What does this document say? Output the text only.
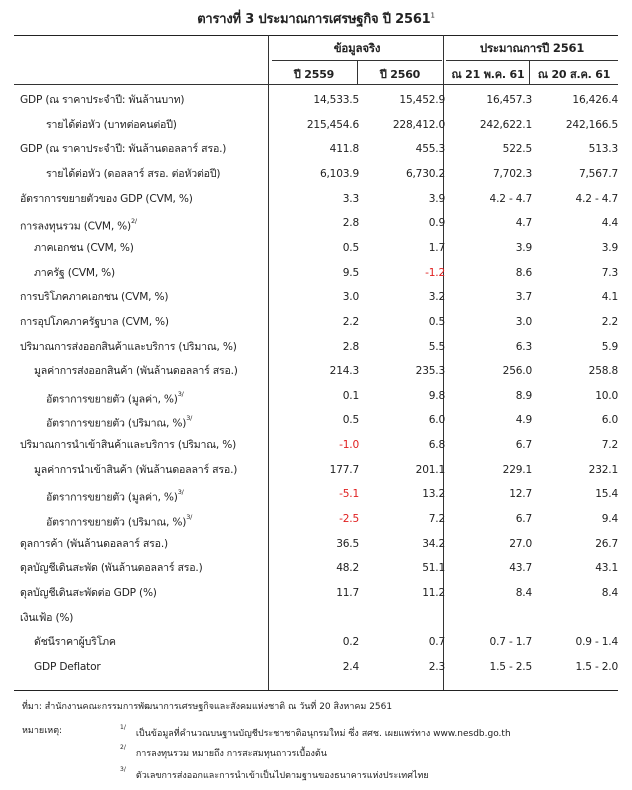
ตารางที่ 3 ประมาณการเศรษฐกิจ ปี 2561$^1$
ข้อมูลจริง	ประมาณการปี 2561
ปี 2559	ปี 2560	ณ 21 พ.ค. 61	ณ 20 ส.ค. 61
GDP (ณ ราคาประจำปี: พันล้านบาท)	14,533.5	15,452.9	16,457.3	16,426.4
รายได้ต่อหัว (บาทต่อคนต่อปี)	215,454.6	228,412.0	242,622.1	242,166.5
GDP (ณ ราคาประจำปี: พันล้านดอลลาร์ สรอ.)	411.8	455.3	522.5	513.3
รายได้ต่อหัว (ดอลลาร์ สรอ. ต่อหัวต่อปี)	6,103.9	6,730.2	7,702.3	7,567.7
อัตราการขยายตัวของ GDP (CVM, %)	3.3	3.9	4.2 - 4.7	4.2 - 4.7
การลงทุนรวม (CVM, %)$^{2/}$	2.8	0.9	4.7	4.4
ภาคเอกชน (CVM, %)	0.5	1.7	3.9	3.9
ภาครัฐ (CVM, %)	9.5	-1.2	8.6	7.3
การบริโภคภาคเอกชน (CVM, %)	3.0	3.2	3.7	4.1
การอุปโภคภาครัฐบาล (CVM, %)	2.2	0.5	3.0	2.2
ปริมาณการส่งออกสินค้าและบริการ (ปริมาณ, %)	2.8	5.5	6.3	5.9
มูลค่าการส่งออกสินค้า (พันล้านดอลลาร์ สรอ.)	214.3	235.3	256.0	258.8
อัตราการขยายตัว (มูลค่า, %)$^{3/}$	0.1	9.8	8.9	10.0
อัตราการขยายตัว (ปริมาณ, %)$^{3/}$	0.5	6.0	4.9	6.0
ปริมาณการนำเข้าสินค้าและบริการ (ปริมาณ, %)	-1.0	6.8	6.7	7.2
มูลค่าการนำเข้าสินค้า (พันล้านดอลลาร์ สรอ.)	177.7	201.1	229.1	232.1
อัตราการขยายตัว (มูลค่า, %)$^{3/}$	-5.1	13.2	12.7	15.4
อัตราการขยายตัว (ปริมาณ, %)$^{3/}$	-2.5	7.2	6.7	9.4
ดุลการค้า (พันล้านดอลลาร์ สรอ.)	36.5	34.2	27.0	26.7
ดุลบัญชีเดินสะพัด (พันล้านดอลลาร์ สรอ.)	48.2	51.1	43.7	43.1
ดุลบัญชีเดินสะพัดต่อ GDP (%)	11.7	11.2	8.4	8.4
เงินเฟ้อ (%)
ดัชนีราคาผู้บริโภค	0.2	0.7	0.7 - 1.7	0.9 - 1.4
GDP Deflator	2.4	2.3	1.5 - 2.5	1.5 - 2.0
ที่มา: สำนักงานคณะกรรมการพัฒนาการเศรษฐกิจและสังคมแห่งชาติ ณ วันที่ 20 สิงหาคม 2561
หมายเหตุ:	$^{1/}$เป็นข้อมูลที่คำนวณบนฐานบัญชีประชาชาติอนุกรมใหม่ ซึ่ง สศช. เผยแพร่ทาง www.nesdb.go.th
$^{2/}$การลงทุนรวม หมายถึง การสะสมทุนถาวรเบื้องต้น
$^{3/}$ตัวเลขการส่งออกและการนำเข้าเป็นไปตามฐานของธนาคารแห่งประเทศไทย
